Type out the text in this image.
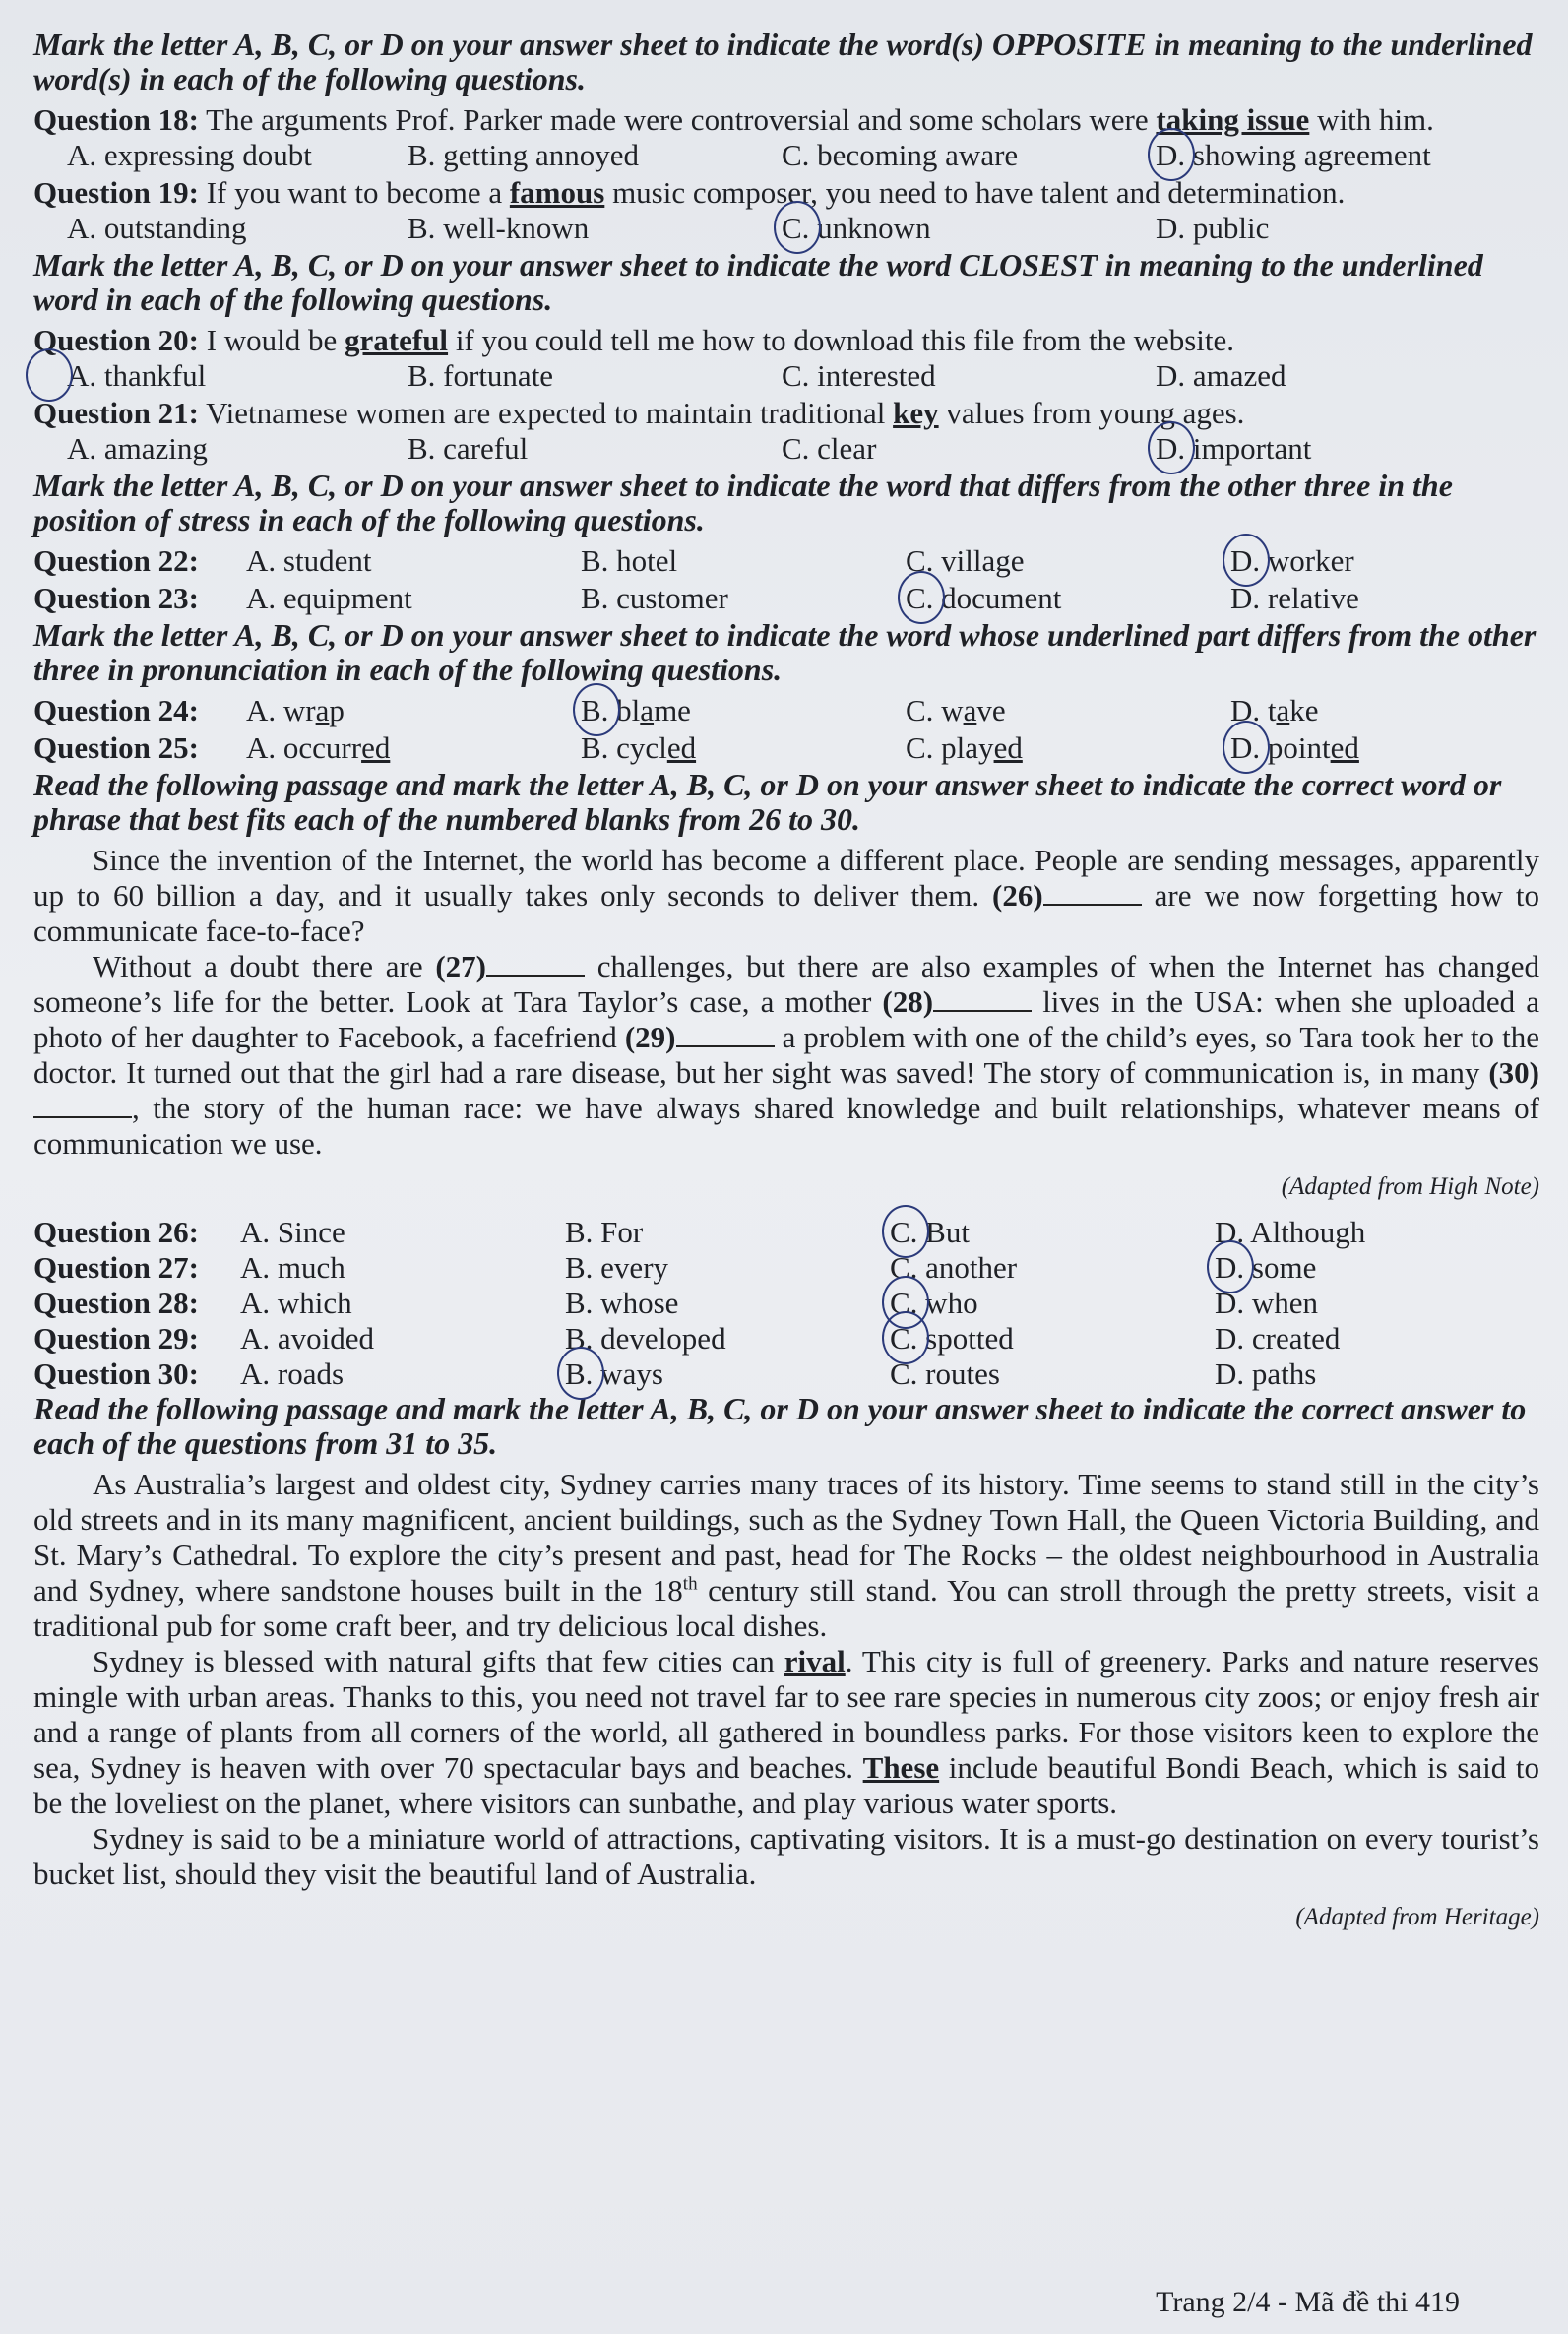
Mark the letter A, B, C, or D on your answer sheet to indicate the word(s) OPPOSITE in meaning to the underlined word(s) in each of the following questions.

Question 18: The arguments Prof. Parker made were controversial and some scholars were taking issue with him.

A. expressing doubt	B. getting annoyed	C. becoming aware	D. showing agreement

Question 19: If you want to become a famous music composer, you need to have talent and determination.

A. outstanding	B. well-known	C. unknown	D. public
Mark the letter A, B, C, or D on your answer sheet to indicate the word CLOSEST in meaning to the underlined word in each of the following questions.

Question 20: I would be grateful if you could tell me how to download this file from the website.

A. thankful	B. fortunate	C. interested	D. amazed

Question 21: Vietnamese women are expected to maintain traditional key values from young ages.

A. amazing	B. careful	C. clear	D. important
Mark the letter A, B, C, or D on your answer sheet to indicate the word that differs from the other three in the position of stress in each of the following questions.
Question 22:	A. student	B. hotel	C. village	D. worker
Question 23:	A. equipment	B. customer	C. document	D. relative
Mark the letter A, B, C, or D on your answer sheet to indicate the word whose underlined part differs from the other three in pronunciation in each of the following questions.
Question 24:	A. wrap	B. blame	C. wave	D. take
Question 25:	A. occurred	B. cycled	C. played	D. pointed
Read the following passage and mark the letter A, B, C, or D on your answer sheet to indicate the correct word or phrase that best fits each of the numbered blanks from 26 to 30.

Since the invention of the Internet, the world has become a different place. People are sending messages, apparently up to 60 billion a day, and it usually takes only seconds to deliver them. (26)	are we now forgetting how to communicate face-to-face?

Without a doubt there are (27)	challenges, but there are also examples of when the Internet has changed someone’s life for the better. Look at Tara Taylor’s case, a mother (28)	lives in the USA: when she uploaded a photo of her daughter to Facebook, a facefriend (29)	a problem with one of the child’s eyes, so Tara took her to the doctor. It turned out that the girl had a rare disease, but her sight was saved! The story of communication is, in many (30), the story of the human race: we have always shared knowledge and built relationships, whatever means of communication we use.

(Adapted from High Note)
Question 26:	A. Since	B. For	C. But	D. Although
Question 27:	A. much	B. every	C. another	D. some
Question 28:	A. which	B. whose	C. who	D. when
Question 29:	A. avoided	B. developed	C. spotted	D. created
Question 30:	A. roads	B. ways	C. routes	D. paths
Read the following passage and mark the letter A, B, C, or D on your answer sheet to indicate the correct answer to each of the questions from 31 to 35.

As Australia’s largest and oldest city, Sydney carries many traces of its history. Time seems to stand still in the city’s old streets and in its many magnificent, ancient buildings, such as the Sydney Town Hall, the Queen Victoria Building, and St. Mary’s Cathedral. To explore the city’s present and past, head for The Rocks – the oldest neighbourhood in Australia and Sydney, where sandstone houses built in the 18th century still stand. You can stroll through the pretty streets, visit a traditional pub for some craft beer, and try delicious local dishes.

Sydney is blessed with natural gifts that few cities can rival. This city is full of greenery. Parks and nature reserves mingle with urban areas. Thanks to this, you need not travel far to see rare species in numerous city zoos; or enjoy fresh air and a range of plants from all corners of the world, all gathered in boundless parks. For those visitors keen to explore the sea, Sydney is heaven with over 70 spectacular bays and beaches. These include beautiful Bondi Beach, which is said to be the loveliest on the planet, where visitors can sunbathe, and play various water sports.

Sydney is said to be a miniature world of attractions, captivating visitors. It is a must-go destination on every tourist’s bucket list, should they visit the beautiful land of Australia.

(Adapted from Heritage)
Trang 2/4 - Mã đề thi 419
